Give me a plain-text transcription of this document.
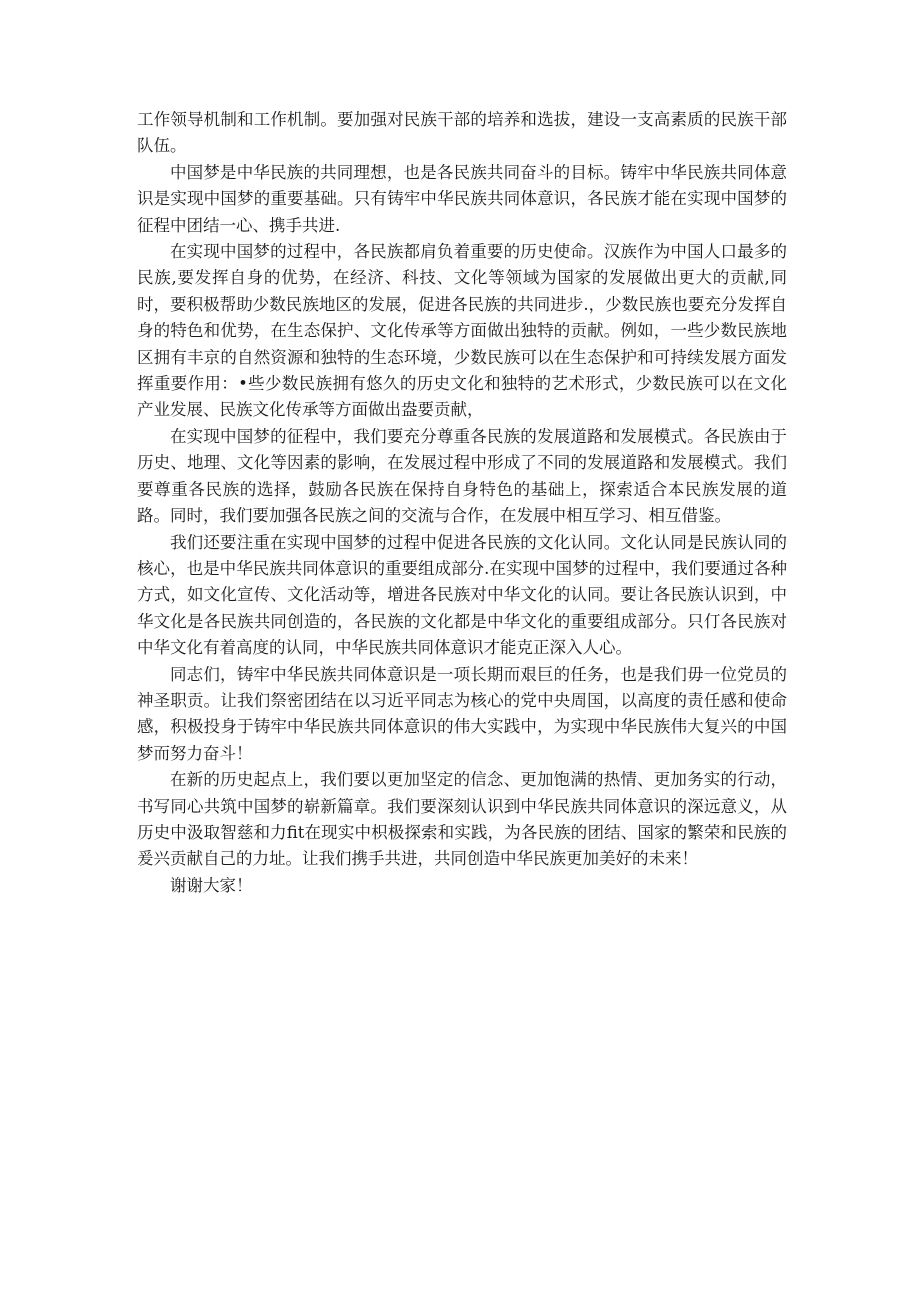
工作领导机制和工作机制。要加强对民族干部的培养和选拔，建设一支高素质的民族干部队伍。

中国梦是中华民族的共同理想，也是各民族共同奋斗的目标。铸牢中华民族共同体意识是实现中国梦的重要基础。只有铸牢中华民族共同体意识，各民族才能在实现中国梦的征程中团结一心、携手共进.

在实现中国梦的过程中，各民族都肩负着重要的历史使命。汉族作为中国人口最多的民族,要发挥自身的优势，在经济、科技、文化等领域为国家的发展做出更大的贡献,同时，要积极帮助少数民族地区的发展，促进各民族的共同进步.，少数民族也要充分发挥自身的特色和优势，在生态保护、文化传承等方面做出独特的贡献。例如，一些少数民族地区拥有丰京的自然资源和独特的生态环境，少数民族可以在生态保护和可持续发展方面发挥重要作用：•些少数民族拥有悠久的历史文化和独特的艺术形式，少数民族可以在文化产业发展、民族文化传承等方面做出盎要贡献，

在实现中国梦的征程中，我们要充分尊重各民族的发展道路和发展模式。各民族由于历史、地理、文化等因素的影响，在发展过程中形成了不同的发展道路和发展模式。我们要尊重各民族的选择，鼓励各民族在保持自身特色的基础上，探索适合本民族发展的道路。同时，我们要加强各民族之间的交流与合作，在发展中相互学习、相互借鉴。

我们还要注重在实现中国梦的过程中促进各民族的文化认同。文化认同是民族认同的核心，也是中华民族共同体意识的重要组成部分.在实现中国梦的过程中，我们要通过各种方式，如文化宣传、文化活动等，增进各民族对中华文化的认同。要让各民族认识到，中华文化是各民族共同创造的，各民族的文化都是中华文化的重要组成部分。只仃各民族对中华文化有着高度的认同，中华民族共同体意识才能克正深入人心。

同志们，铸牢中华民族共同体意识是一项长期而艰巨的任务，也是我们毋一位党员的神圣职贡。让我们祭密团结在以习近平同志为核心的党中央周国，以高度的责任感和使命感，积极投身于铸牢中华民族共同体意识的伟大实践中，为实现中华民族伟大复兴的中国梦而努力奋斗！

在新的历史起点上，我们要以更加坚定的信念、更加饱满的热情、更加务实的行动，书写同心共筑中国梦的崭新篇章。我们要深刻认识到中华民族共同体意识的深远意义，从历史中汲取智慈和力fit在现实中枳极探索和实践，为各民族的团结、国家的繁荣和民族的爰兴贡献自己的力址。让我们携手共进，共同创造中华民族更加美好的未来！

谢谢大家！
